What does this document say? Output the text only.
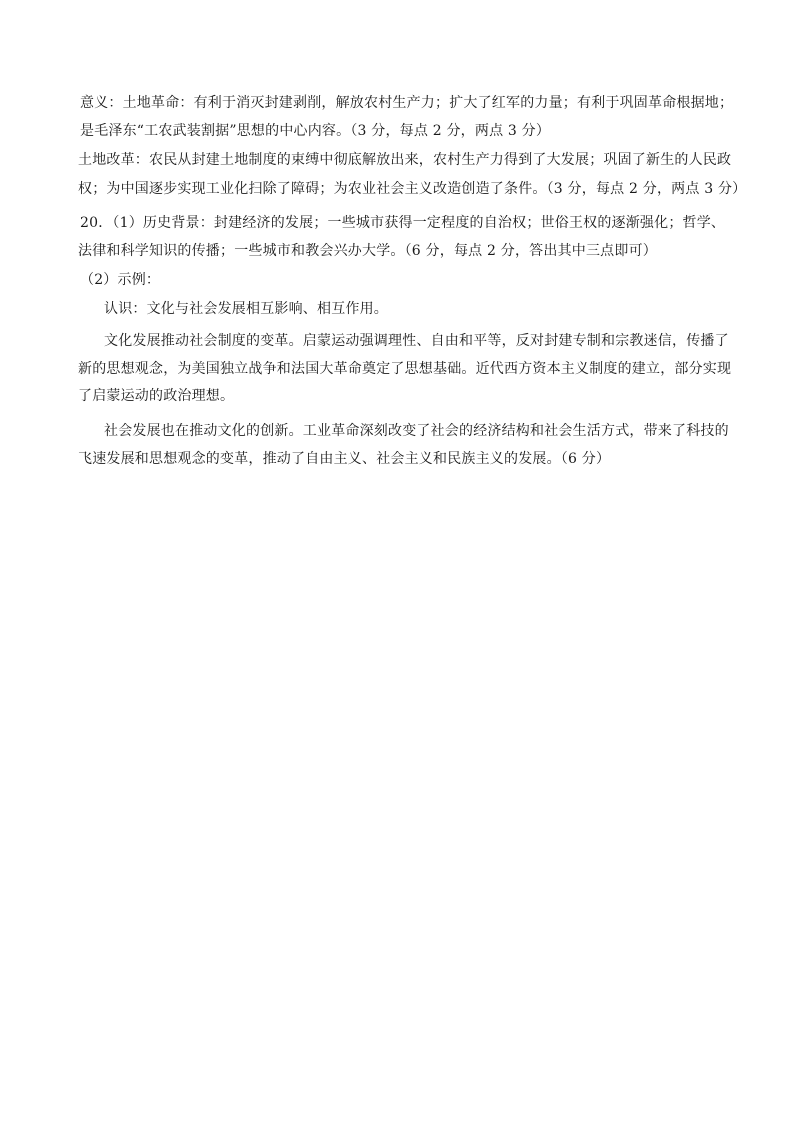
意义：土地革命：有利于消灭封建剥削，解放农村生产力；扩大了红军的力量；有利于巩固革命根据地；
是毛泽东“工农武装割据”思想的中心内容。（3 分，每点 2 分，两点 3 分）
土地改革：农民从封建土地制度的束缚中彻底解放出来，农村生产力得到了大发展；巩固了新生的人民政
权；为中国逐步实现工业化扫除了障碍；为农业社会主义改造创造了条件。（3 分，每点 2 分，两点 3 分）
20．（1）历史背景：封建经济的发展；一些城市获得一定程度的自治权；世俗王权的逐渐强化；哲学、
法律和科学知识的传播；一些城市和教会兴办大学。（6 分，每点 2 分，答出其中三点即可）
（2）示例：
认识：文化与社会发展相互影响、相互作用。
文化发展推动社会制度的变革。启蒙运动强调理性、自由和平等，反对封建专制和宗教迷信，传播了
新的思想观念，为美国独立战争和法国大革命奠定了思想基础。近代西方资本主义制度的建立，部分实现
了启蒙运动的政治理想。
社会发展也在推动文化的创新。工业革命深刻改变了社会的经济结构和社会生活方式，带来了科技的
飞速发展和思想观念的变革，推动了自由主义、社会主义和民族主义的发展。（6 分）
